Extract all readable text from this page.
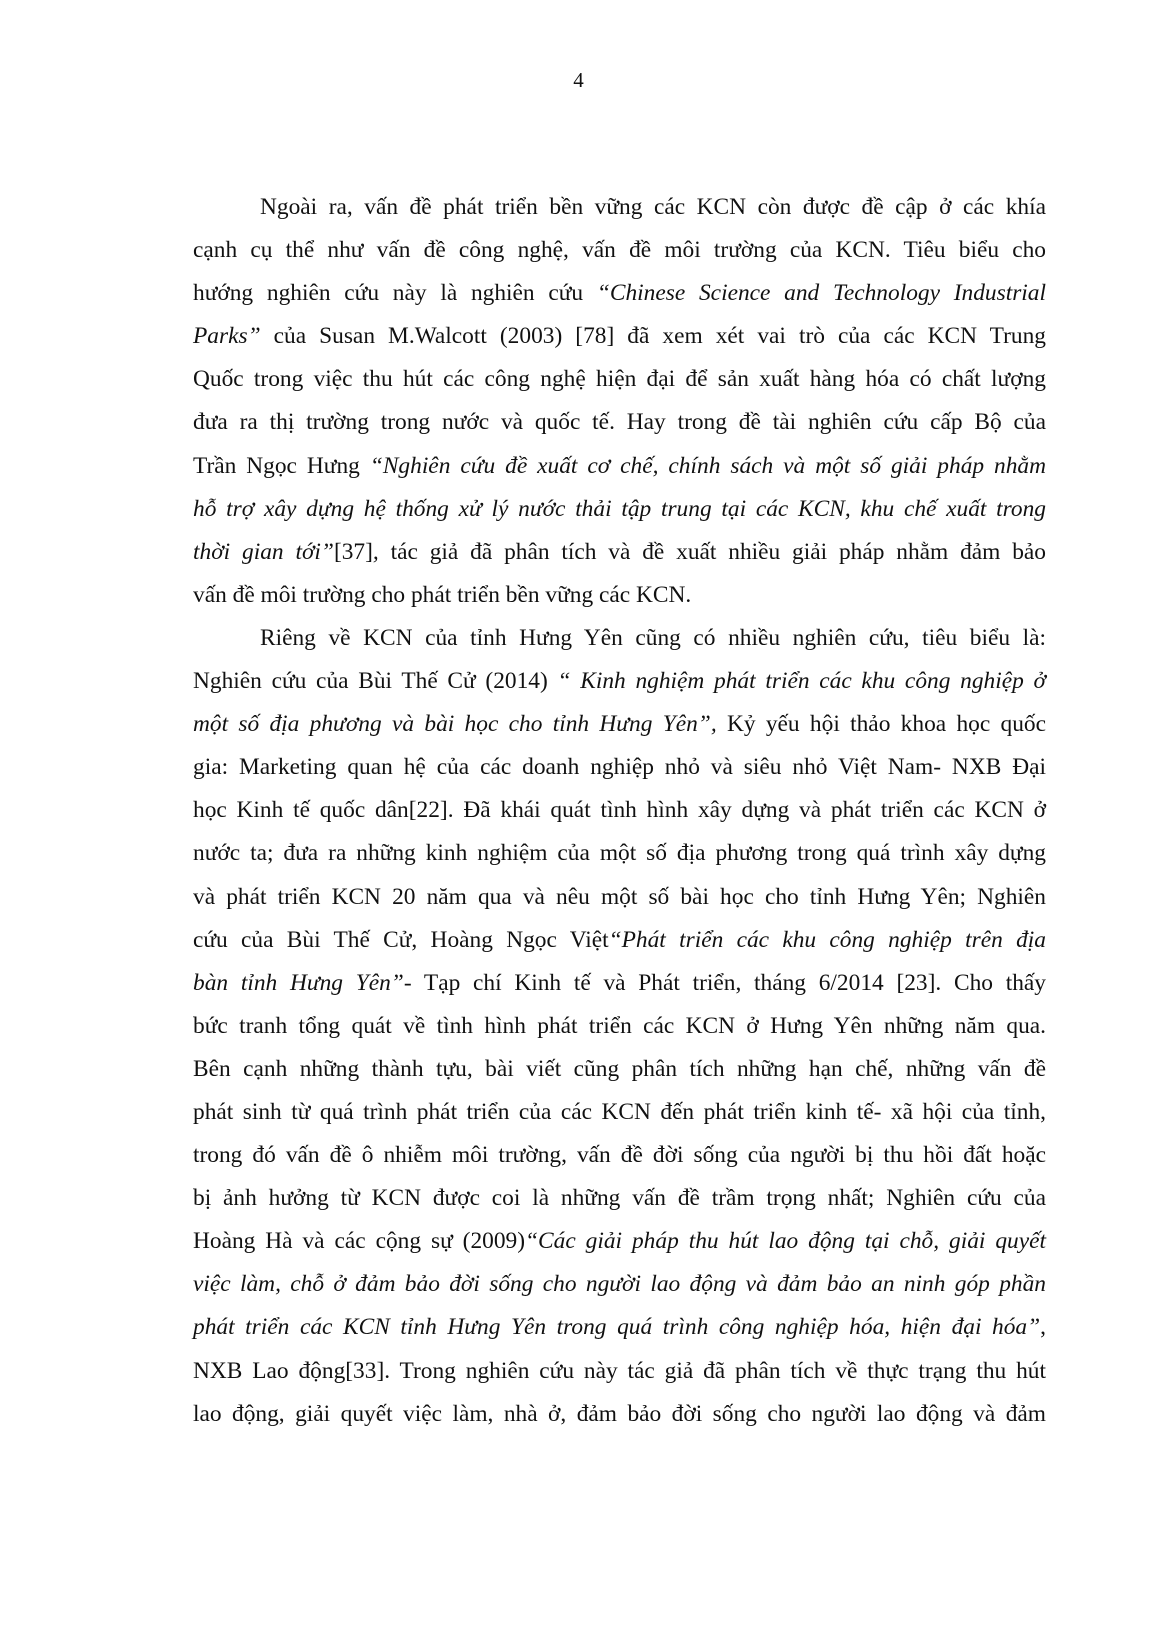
4
Ngoài ra, vấn đề phát triển bền vững các KCN còn được đề cập ở các khía
cạnh cụ thể như vấn đề công nghệ, vấn đề môi trường của KCN. Tiêu biểu cho
hướng nghiên cứu này là nghiên cứu “Chinese Science and Technology Industrial
Parks” của Susan M.Walcott (2003) [78] đã xem xét vai trò của các KCN Trung
Quốc trong việc thu hút các công nghệ hiện đại để sản xuất hàng hóa có chất lượng
đưa ra thị trường trong nước và quốc tế. Hay trong đề tài nghiên cứu cấp Bộ của
Trần Ngọc Hưng “Nghiên cứu đề xuất cơ chế, chính sách và một số giải pháp nhằm
hỗ trợ xây dựng hệ thống xử lý nước thải tập trung tại các KCN, khu chế xuất trong
thời gian tới”[37], tác giả đã phân tích và đề xuất nhiều giải pháp nhằm đảm bảo
vấn đề môi trường cho phát triển bền vững các KCN.
Riêng về KCN của tỉnh Hưng Yên cũng có nhiều nghiên cứu, tiêu biểu là:
Nghiên cứu của Bùi Thế Cử (2014) “ Kinh nghiệm phát triển các khu công nghiệp ở
một số địa phương và bài học cho tỉnh Hưng Yên”, Kỷ yếu hội thảo khoa học quốc
gia: Marketing quan hệ của các doanh nghiệp nhỏ và siêu nhỏ Việt Nam- NXB Đại
học Kinh tế quốc dân[22]. Đã khái quát tình hình xây dựng và phát triển các KCN ở
nước ta; đưa ra những kinh nghiệm của một số địa phương trong quá trình xây dựng
và phát triển KCN 20 năm qua và nêu một số bài học cho tỉnh Hưng Yên; Nghiên
cứu của Bùi Thế Cử, Hoàng Ngọc Việt“Phát triển các khu công nghiệp trên địa
bàn tỉnh Hưng Yên”- Tạp chí Kinh tế và Phát triển, tháng 6/2014 [23]. Cho thấy
bức tranh tổng quát về tình hình phát triển các KCN ở Hưng Yên những năm qua.
Bên cạnh những thành tựu, bài viết cũng phân tích những hạn chế, những vấn đề
phát sinh từ quá trình phát triển của các KCN đến phát triển kinh tế- xã hội của tỉnh,
trong đó vấn đề ô nhiễm môi trường, vấn đề đời sống của người bị thu hồi đất hoặc
bị ảnh hưởng từ KCN được coi là những vấn đề trầm trọng nhất; Nghiên cứu của
Hoàng Hà và các cộng sự (2009)“Các giải pháp thu hút lao động tại chỗ, giải quyết
việc làm, chỗ ở đảm bảo đời sống cho người lao động và đảm bảo an ninh góp phần
phát triển các KCN tỉnh Hưng Yên trong quá trình công nghiệp hóa, hiện đại hóa”,
NXB Lao động[33]. Trong nghiên cứu này tác giả đã phân tích về thực trạng thu hút
lao động, giải quyết việc làm, nhà ở, đảm bảo đời sống cho người lao động và đảm
